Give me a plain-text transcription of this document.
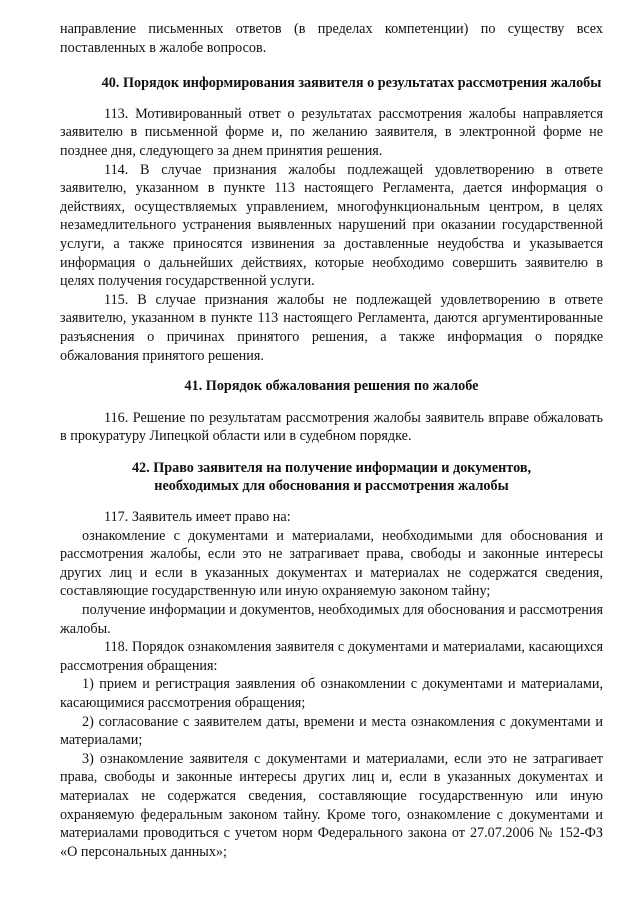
направление письменных ответов (в пределах компетенции) по существу всех поставленных в жалобе вопросов.

40. Порядок информирования заявителя о результатах рассмотрения жалобы

113. Мотивированный ответ о результатах рассмотрения жалобы направляется заявителю в письменной форме и, по желанию заявителя, в электронной форме не позднее дня, следующего за днем принятия решения.

114. В случае признания жалобы подлежащей удовлетворению в ответе заявителю, указанном в пункте 113 настоящего Регламента, дается информация о действиях, осуществляемых управлением, многофункциональным центром, в целях незамедлительного устранения выявленных нарушений при оказании государственной услуги, а также приносятся извинения за доставленные неудобства и указывается информация о дальнейших действиях, которые необходимо совершить заявителю в целях получения государственной услуги.

115. В случае признания жалобы не подлежащей удовлетворению в ответе заявителю, указанном в пункте 113 настоящего Регламента, даются аргументированные разъяснения о причинах принятого решения, а также информация о порядке обжалования принятого решения.

41. Порядок обжалования решения по жалобе

116. Решение по результатам рассмотрения жалобы заявитель вправе обжаловать в прокуратуру Липецкой области или в судебном порядке.

42. Право заявителя на получение информации и документов,
необходимых для обоснования и рассмотрения жалобы

117. Заявитель имеет право на:

ознакомление с документами и материалами, необходимыми для обоснования и рассмотрения жалобы, если это не затрагивает права, свободы и законные интересы других лиц и если в указанных документах и материалах не содержатся сведения, составляющие государственную или иную охраняемую законом тайну;

получение информации и документов, необходимых для обоснования и рассмотрения жалобы.

118. Порядок ознакомления заявителя с документами и материалами, касающихся рассмотрения обращения:

1) прием и регистрация заявления об ознакомлении с документами и материалами, касающимися рассмотрения обращения;

2) согласование с заявителем даты, времени и места ознакомления с документами и материалами;

3) ознакомление заявителя с документами и материалами, если это не затрагивает права, свободы и законные интересы других лиц и, если в указанных документах и материалах не содержатся сведения, составляющие государственную или иную охраняемую федеральным законом тайну. Кроме того, ознакомление с документами и материалами проводиться с учетом норм Федерального закона от 27.07.2006 № 152-ФЗ «О персональных данных»;
